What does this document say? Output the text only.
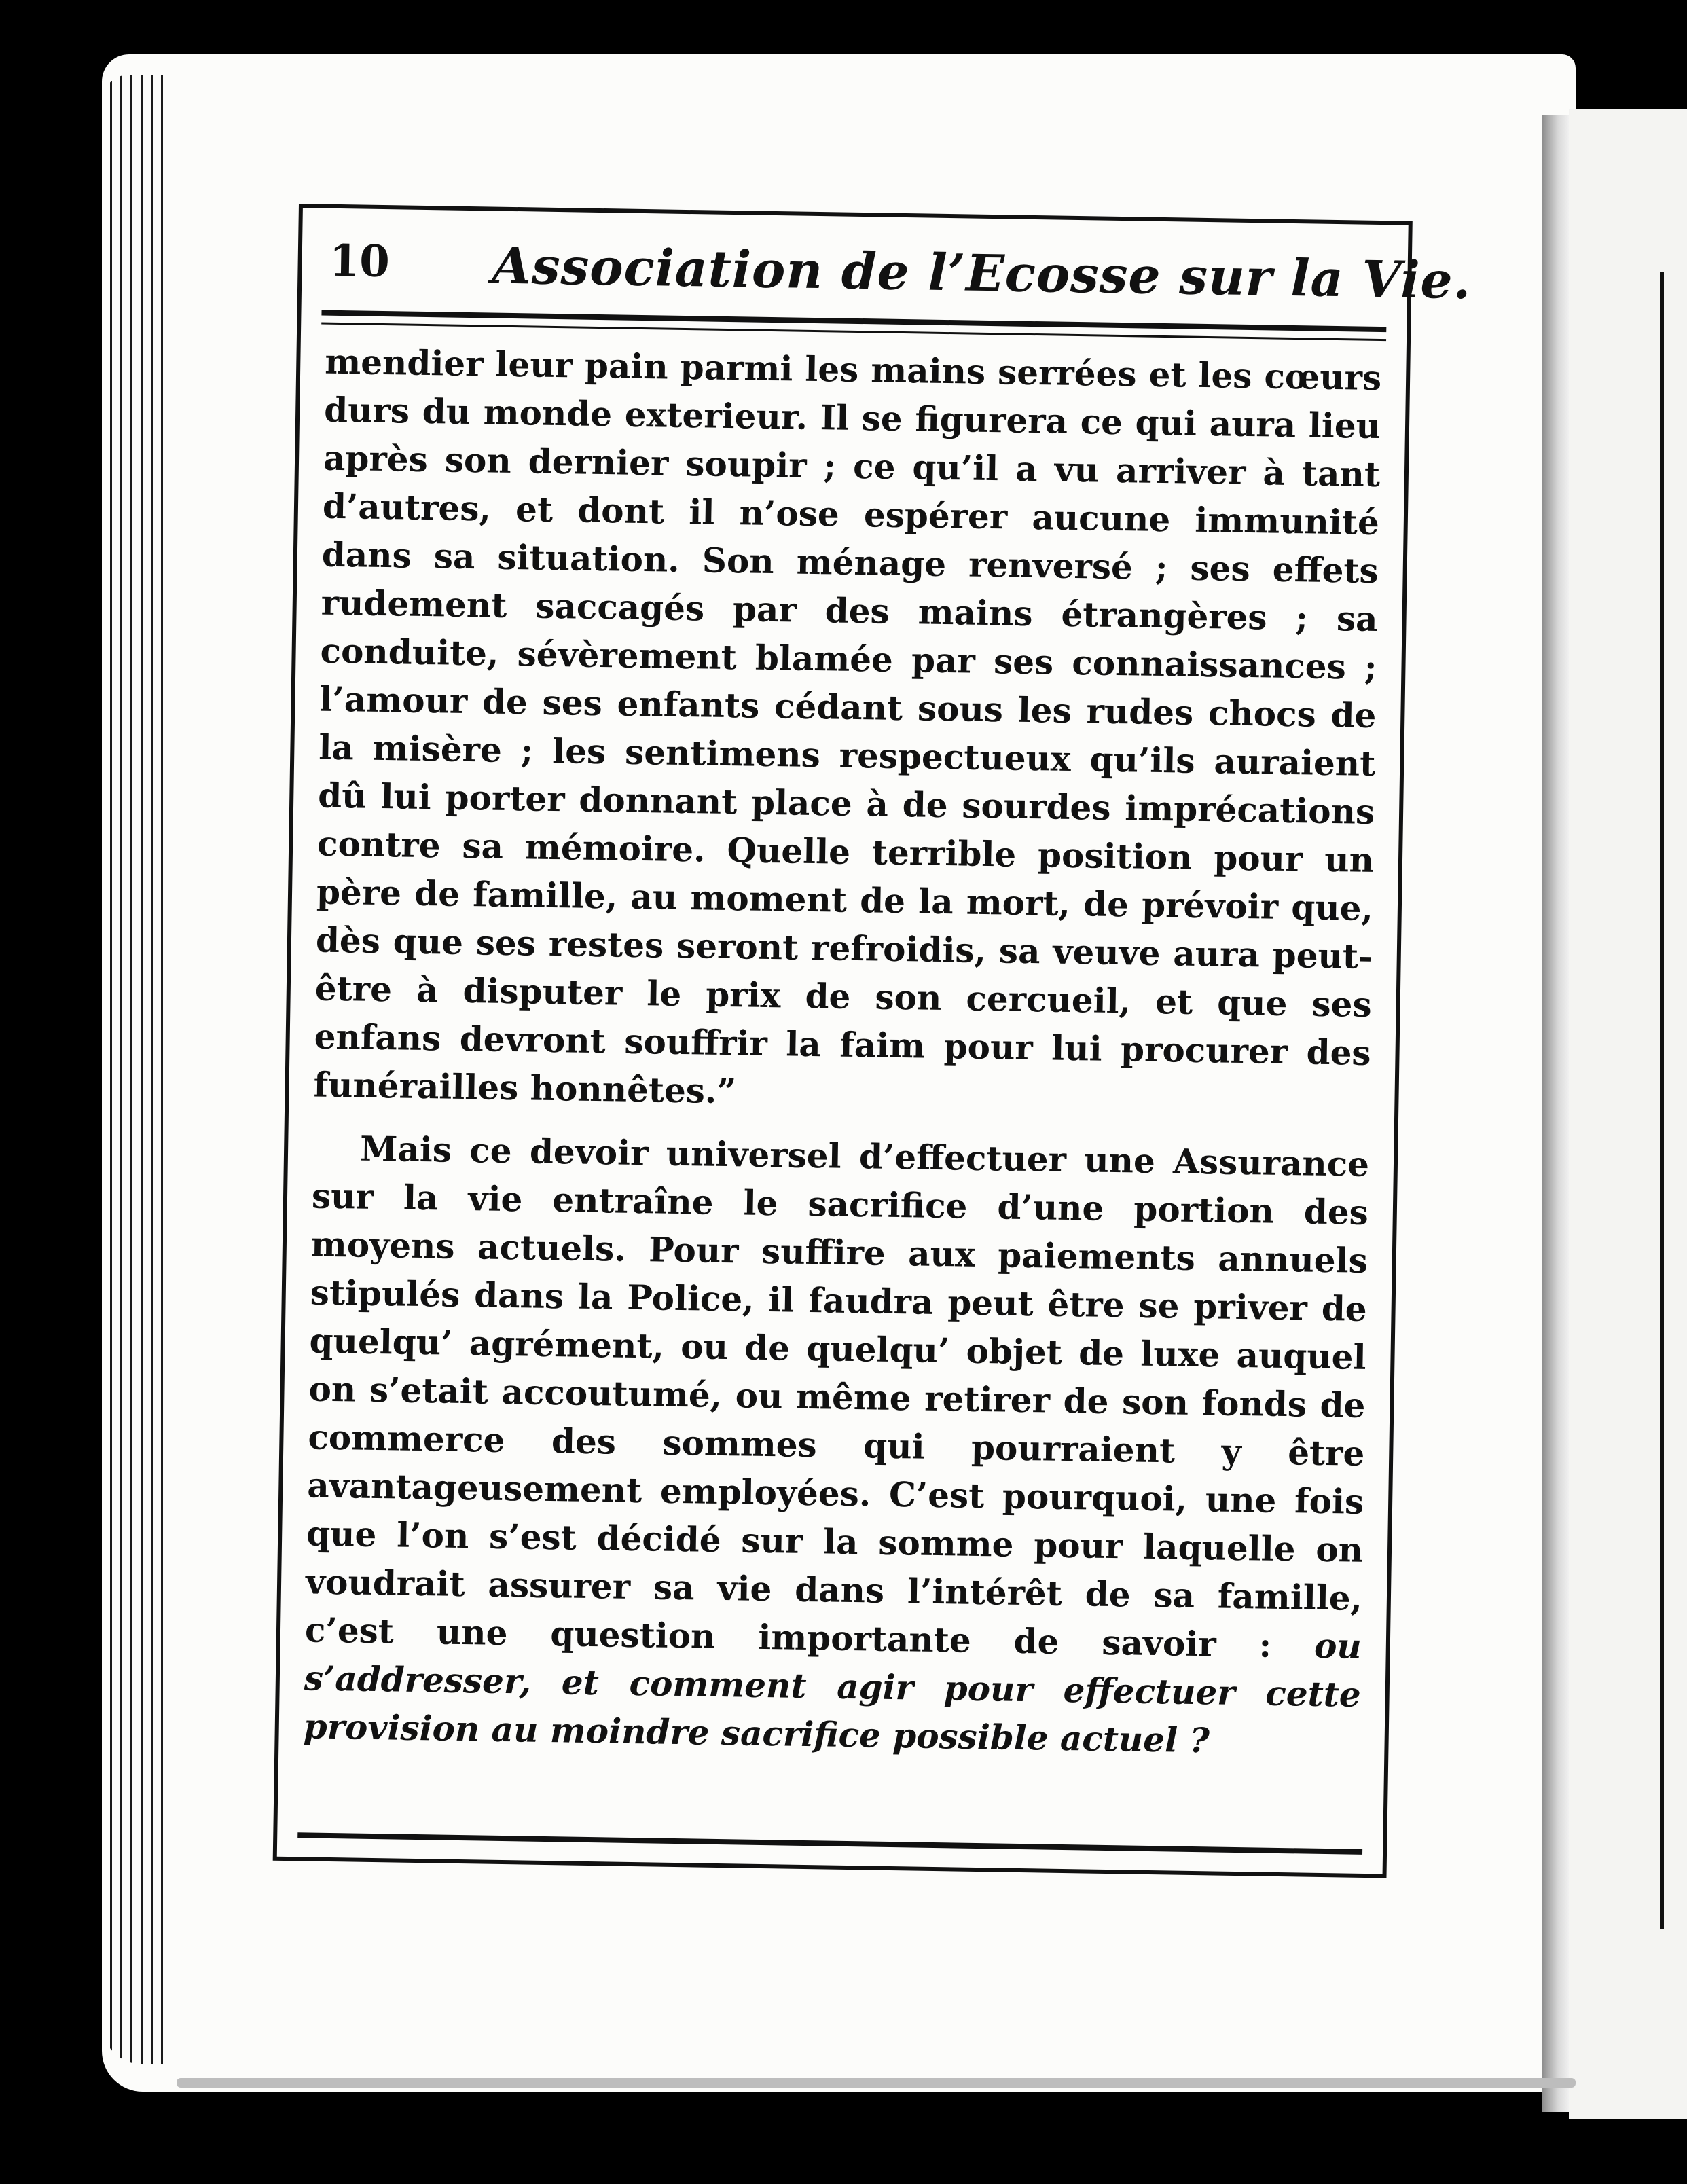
10 Association de l’Ecosse sur la Vie.

mendier leur pain parmi les mains serrées et les cœurs durs du monde exterieur. Il se figurera ce qui aura lieu après son dernier soupir ; ce qu’il a vu arriver à tant d’autres, et dont il n’ose espérer aucune immunité dans sa situation. Son ménage renversé ; ses effets rudement saccagés par des mains étrangères ; sa conduite, sévèrement blamée par ses connaissances ; l’amour de ses enfants cédant sous les rudes chocs de la misère ; les sentimens respectueux qu’ils auraient dû lui porter donnant place à de sourdes imprécations contre sa mémoire. Quelle terrible position pour un père de famille, au moment de la mort, de prévoir que, dès que ses restes seront refroidis, sa veuve aura peut-être à disputer le prix de son cercueil, et que ses enfans devront souffrir la faim pour lui procurer des funérailles honnêtes.”

Mais ce devoir universel d’effectuer une Assurance sur la vie entraîne le sacrifice d’une portion des moyens actuels. Pour suffire aux paiements annuels stipulés dans la Police, il faudra peut être se priver de quelqu’ agrément, ou de quelqu’ objet de luxe auquel on s’etait accoutumé, ou même retirer de son fonds de commerce des sommes qui pourraient y être avantageusement employées. C’est pourquoi, une fois que l’on s’est décidé sur la somme pour laquelle on voudrait assurer sa vie dans l’intérêt de sa famille, c’est une question importante de savoir : ou s’addresser, et comment agir pour effectuer cette provision au moindre sacrifice possible actuel ?
